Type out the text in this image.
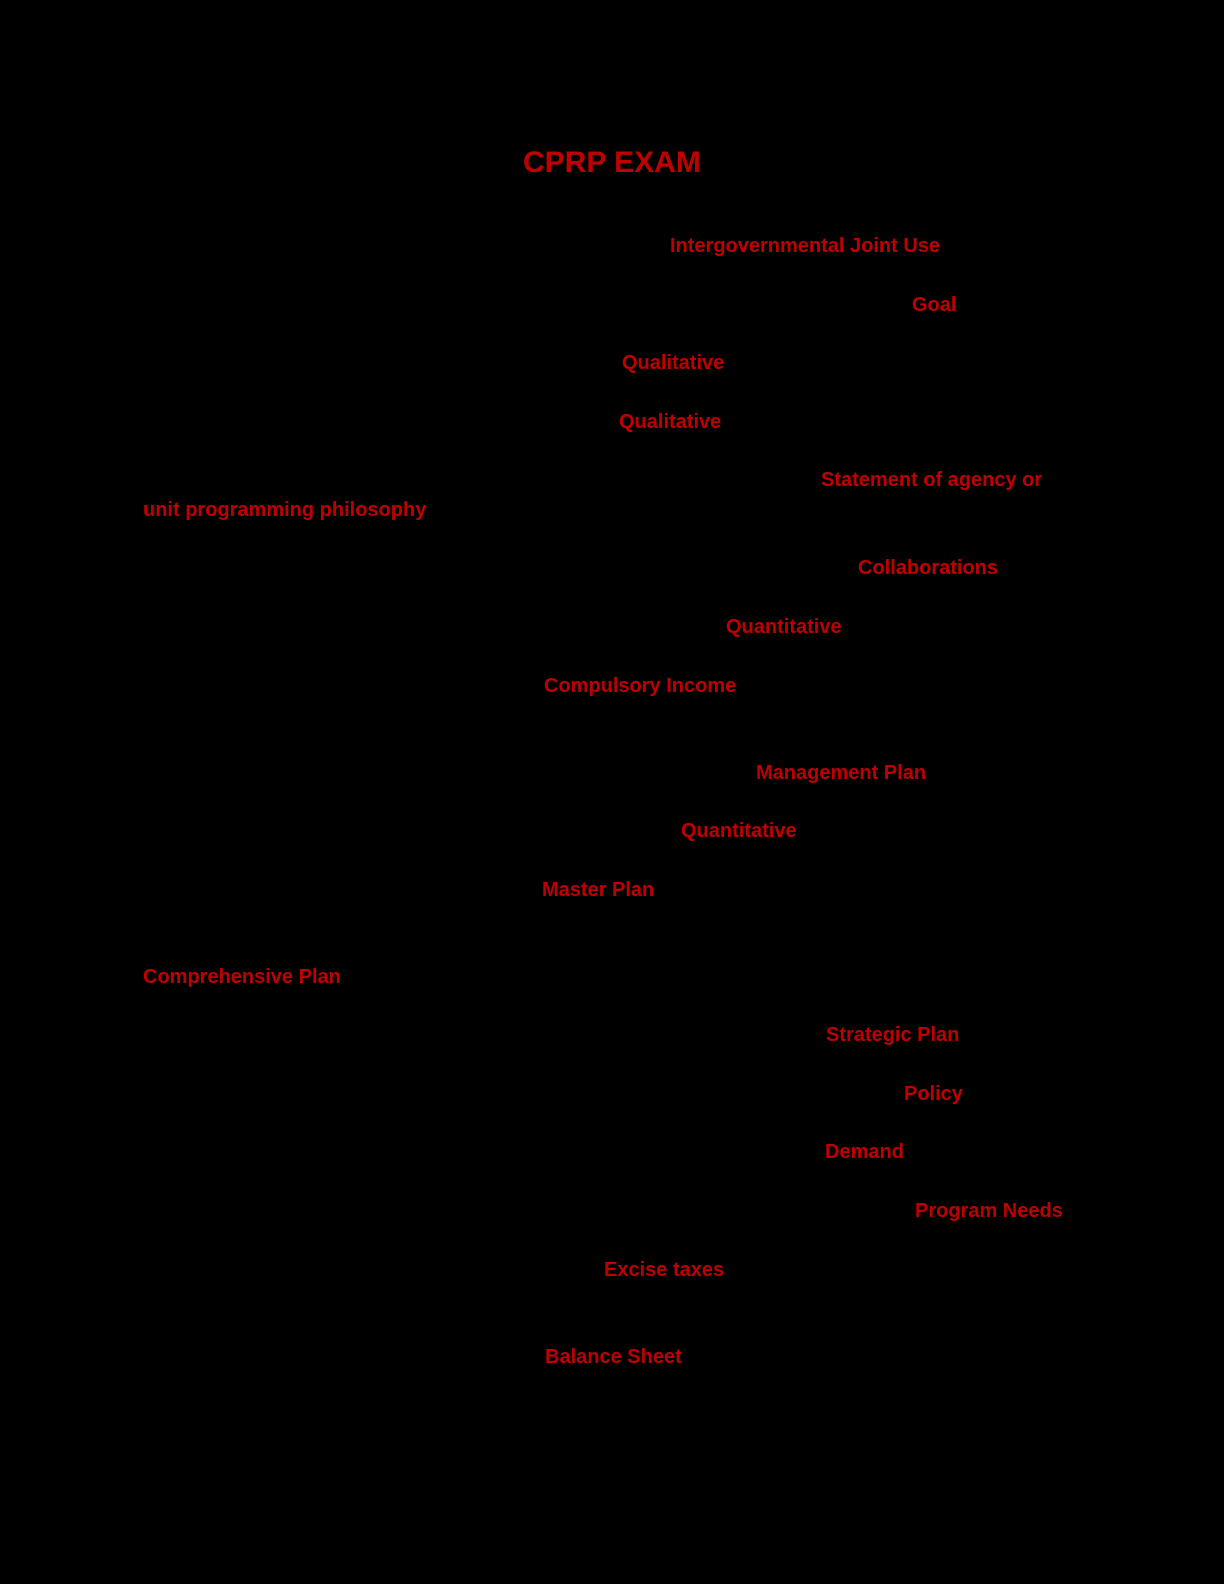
CPRP EXAM
Intergovernmental Joint Use
Goal
Qualitative
Qualitative
Statement of agency or
unit programming philosophy
Collaborations
Quantitative
Compulsory Income
Management Plan
Quantitative
Master Plan
Comprehensive Plan
Strategic Plan
Policy
Demand
Program Needs
Excise taxes
Balance Sheet
